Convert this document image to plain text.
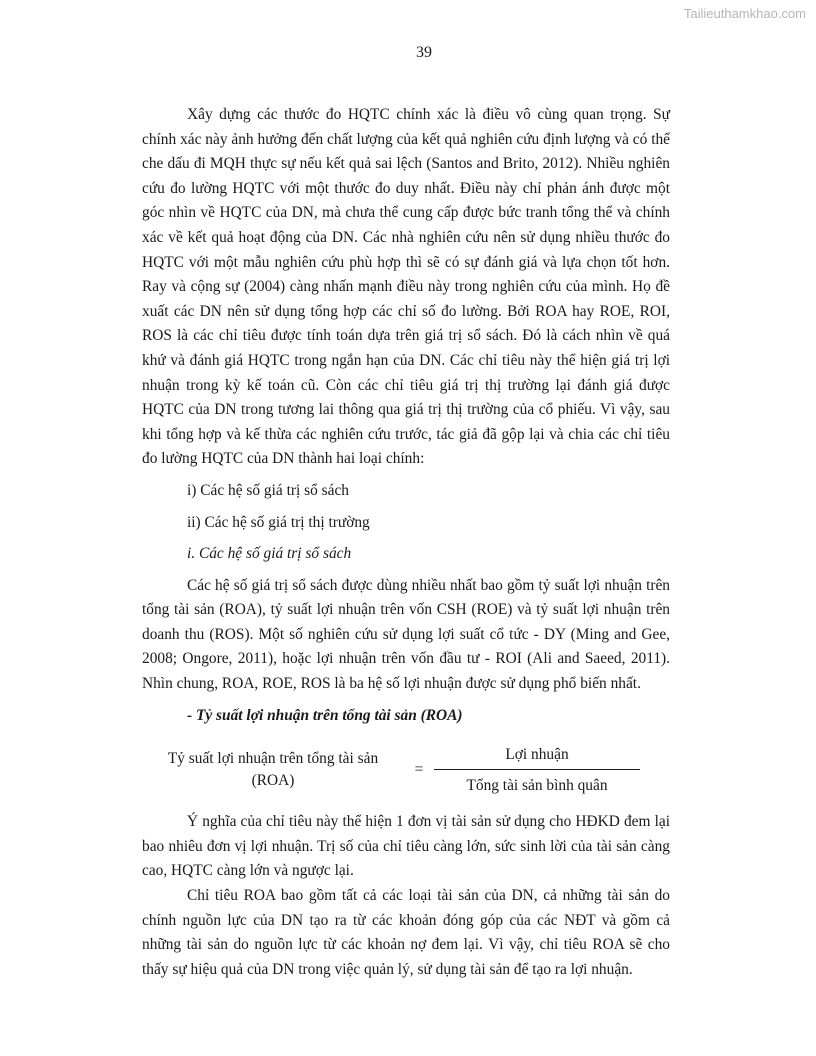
Tailieuthamkhao.com
39

Xây dựng các thước đo HQTC chính xác là điều vô cùng quan trọng. Sự chính xác này ảnh hưởng đến chất lượng của kết quả nghiên cứu định lượng và có thể che dấu đi MQH thực sự nếu kết quả sai lệch (Santos and Brito, 2012). Nhiều nghiên cứu đo lường HQTC với một thước đo duy nhất. Điều này chỉ phản ánh được một góc nhìn về HQTC của DN, mà chưa thể cung cấp được bức tranh tổng thể và chính xác về kết quả hoạt động của DN. Các nhà nghiên cứu nên sử dụng nhiều thước đo HQTC với một mẫu nghiên cứu phù hợp thì sẽ có sự đánh giá và lựa chọn tốt hơn. Ray và cộng sự (2004) càng nhấn mạnh điều này trong nghiên cứu của mình. Họ đề xuất các DN nên sử dụng tổng hợp các chỉ số đo lường. Bởi ROA hay ROE, ROI, ROS là các chỉ tiêu được tính toán dựa trên giá trị sổ sách. Đó là cách nhìn về quá khứ và đánh giá HQTC trong ngắn hạn của DN. Các chỉ tiêu này thể hiện giá trị lợi nhuận trong kỳ kế toán cũ. Còn các chỉ tiêu giá trị thị trường lại đánh giá được HQTC của DN trong tương lai thông qua giá trị thị trường của cổ phiếu. Vì vậy, sau khi tổng hợp và kế thừa các nghiên cứu trước, tác giả đã gộp lại và chia các chỉ tiêu đo lường HQTC của DN thành hai loại chính:

i) Các hệ số giá trị sổ sách

ii) Các hệ số giá trị thị trường

i. Các hệ số giá trị sổ sách

Các hệ số giá trị sổ sách được dùng nhiều nhất bao gồm tỷ suất lợi nhuận trên tổng tài sản (ROA), tỷ suất lợi nhuận trên vốn CSH (ROE) và tỷ suất lợi nhuận trên doanh thu (ROS). Một số nghiên cứu sử dụng lợi suất cổ tức - DY (Ming and Gee, 2008; Ongore, 2011), hoặc lợi nhuận trên vốn đầu tư - ROI (Ali and Saeed, 2011). Nhìn chung, ROA, ROE, ROS là ba hệ số lợi nhuận được sử dụng phổ biến nhất.

- Tỷ suất lợi nhuận trên tổng tài sản (ROA)

Tỷ suất lợi nhuận trên tổng tài sản
(ROA)
= $\frac{\text{Lợi nhuận}}{\text{Tổng tài sản bình quân}}$

Ý nghĩa của chỉ tiêu này thể hiện 1 đơn vị tài sản sử dụng cho HĐKD đem lại bao nhiêu đơn vị lợi nhuận. Trị số của chỉ tiêu càng lớn, sức sinh lời của tài sản càng cao, HQTC càng lớn và ngược lại.

Chỉ tiêu ROA bao gồm tất cả các loại tài sản của DN, cả những tài sản do chính nguồn lực của DN tạo ra từ các khoản đóng góp của các NĐT và gồm cả những tài sản do nguồn lực từ các khoản nợ đem lại. Vì vậy, chỉ tiêu ROA sẽ cho thấy sự hiệu quả của DN trong việc quản lý, sử dụng tài sản để tạo ra lợi nhuận.
